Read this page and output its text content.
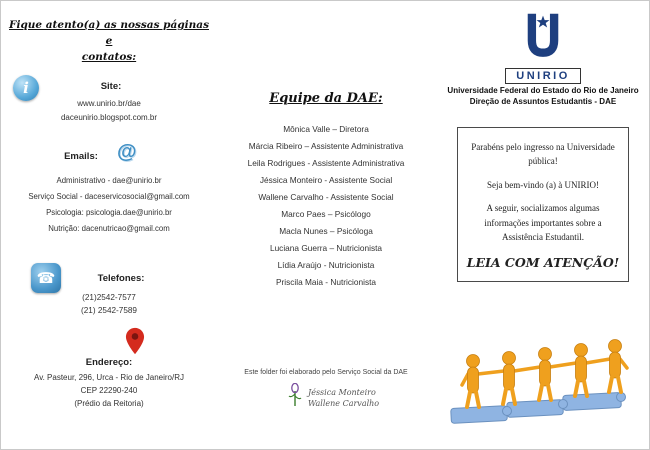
Fique atento(a) as nossas páginas e
contatos:
i	Site:
www.unirio.br/dae
daceunirio.blogspot.com.br
@
Emails:
Administrativo - dae@unirio.br
Serviço Social - daceservicosocial@gmail.com
Psicologia: psicologia.dae@unirio.br
Nutrição: dacenutricao@gmail.com
☎	Telefones:
(21)2542-7577
(21) 2542-7589
Endereço:
Av. Pasteur, 296, Urca - Rio de Janeiro/RJ
CEP 22290-240
(Prédio da Reitoria)
Equipe da DAE:
Mônica Valle – Diretora
Márcia Ribeiro – Assistente Administrativa
Leila Rodrigues - Assistente Administrativa
Jéssica Monteiro - Assistente Social
Wallene Carvalho - Assistente Social
Marco Paes – Psicólogo
Macla Nunes – Psicóloga
Luciana Guerra – Nutricionista
Lídia Araújo - Nutricionista
Priscila Maia - Nutricionista
Este folder foi elaborado pelo Serviço Social da DAE
Jéssica Monteiro
Wallene Carvalho
UNIRIO
Universidade Federal do Estado do Rio de Janeiro
Direção de Assuntos Estudantis - DAE

Parabéns pelo ingresso na Universidade pública!

Seja bem-vindo (a) à UNIRIO!

A seguir, socializamos algumas informações importantes sobre a Assistência Estudantil.

LEIA COM ATENÇÃO!
